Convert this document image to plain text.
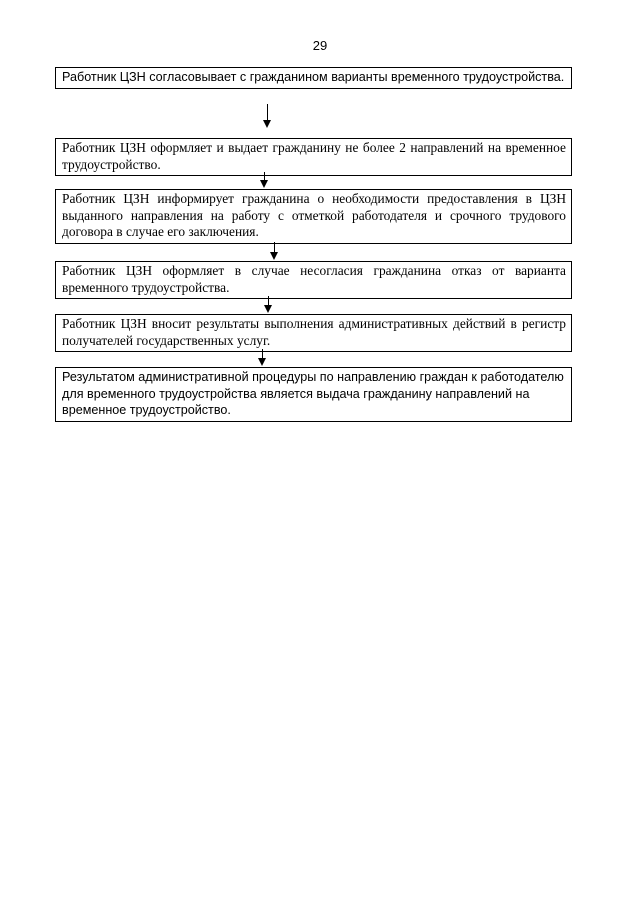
29
Работник ЦЗН согласовывает с гражданином варианты временного трудоустройства.
Работник ЦЗН оформляет и выдает гражданину не более 2 направлений на временное трудоустройство.
Работник ЦЗН информирует гражданина о необходимости предоставления в ЦЗН выданного направления на работу с отметкой работодателя и срочного трудового договора в случае его заключения.
Работник ЦЗН оформляет в случае несогласия гражданина отказ от варианта временного трудоустройства.
Работник ЦЗН вносит результаты выполнения административных действий в регистр получателей государственных услуг.
Результатом административной процедуры по направлению граждан к работодателю для временного трудоустройства является выдача гражданину направлений на временное трудоустройство.
